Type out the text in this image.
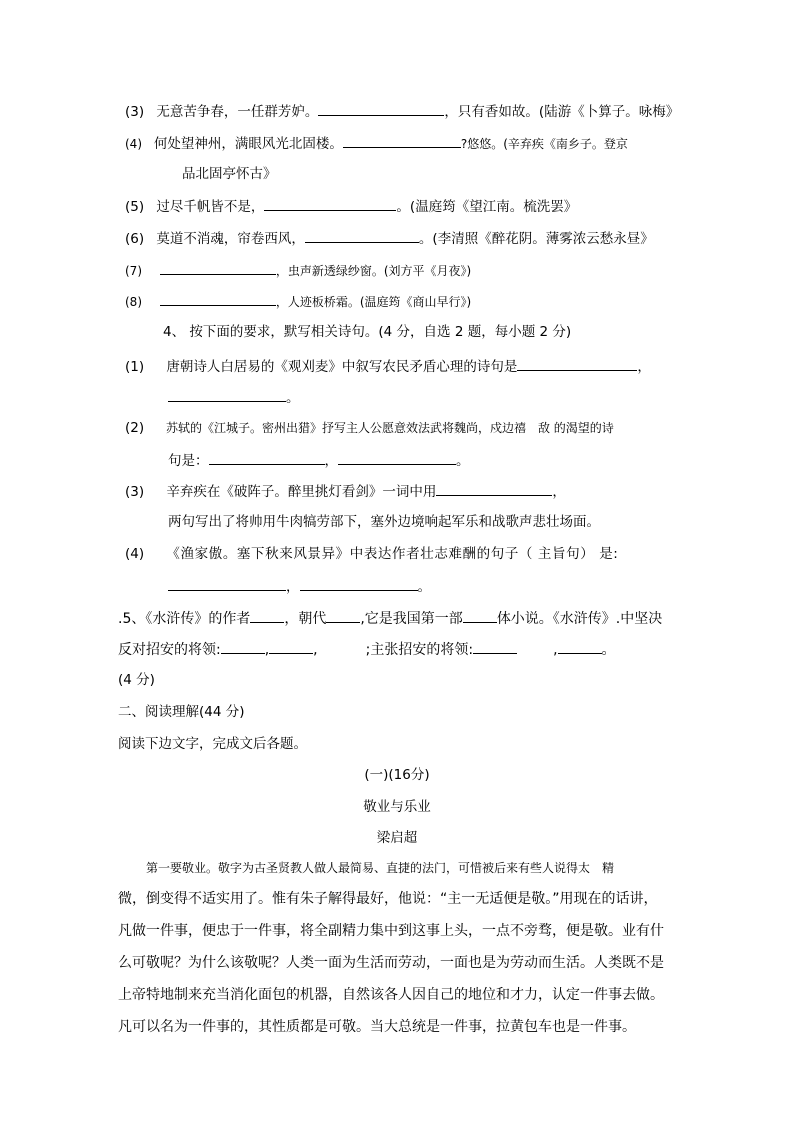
(3) 无意苦争春，一任群芳妒。	，只有香如故。(陆游《卜算子。咏梅》
(4) 何处望神州，满眼风光北固楼。	?悠悠。(辛弃疾《南乡子。登京
品北固亭怀古》
(5) 过尽千帆皆不是，	。(温庭筠《望江南。梳洗罢》
(6) 莫道不消魂，帘卷西风，	。(李清照《醉花阴。薄雾浓云愁永昼》
(7)	，虫声新透绿纱窗。(刘方平《月夜》)
(8)	，人迹板桥霜。(温庭筠《商山早行》)
4、 按下面的要求，默写相关诗句。(4 分，自选 2 题，每小题 2 分)
(1) 唐朝诗人白居易的《观刈麦》中叙写农民矛盾心理的诗句是	，
。
(2) 苏轼的《江城子。密州出猎》抒写主人公愿意效法武将魏尚，戍边禧　敌 的渴望的诗
句是：	，	。
(3) 辛弃疾在《破阵子。醉里挑灯看剑》一词中用	，
两句写出了将帅用牛肉犒劳部下，塞外边境响起军乐和战歌声悲壮场面。
(4) 《渔家傲。塞下秋来风景异》中表达作者壮志难酬的句子（ 主旨句） 是:
，	。
.5、《水浒传》的作者 ，朝代 ,它是我国第一部 体小说。《水浒传》.中坚决
反对招安的将领:	,	,	;主张招安的将领:	,	。
(4 分)
二、阅读理解(44 分)
阅读下边文字，完成文后各题。
(一)(16分)
敬业与乐业
梁启超
第一要敬业。敬字为古圣贤教人做人最简易、直捷的法门，可惜被后来有些人说得太　精
微，倒变得不适实用了。惟有朱子解得最好，他说：“主一无适便是敬。”用现在的话讲，
凡做一件事，便忠于一件事，将全副精力集中到这事上头，一点不旁骛，便是敬。业有什
么可敬呢？为什么该敬呢？人类一面为生活而劳动，一面也是为劳动而生活。人类既不是
上帝特地制来充当消化面包的机器，自然该各人因自己的地位和才力，认定一件事去做。
凡可以名为一件事的，其性质都是可敬。当大总统是一件事，拉黄包车也是一件事。
